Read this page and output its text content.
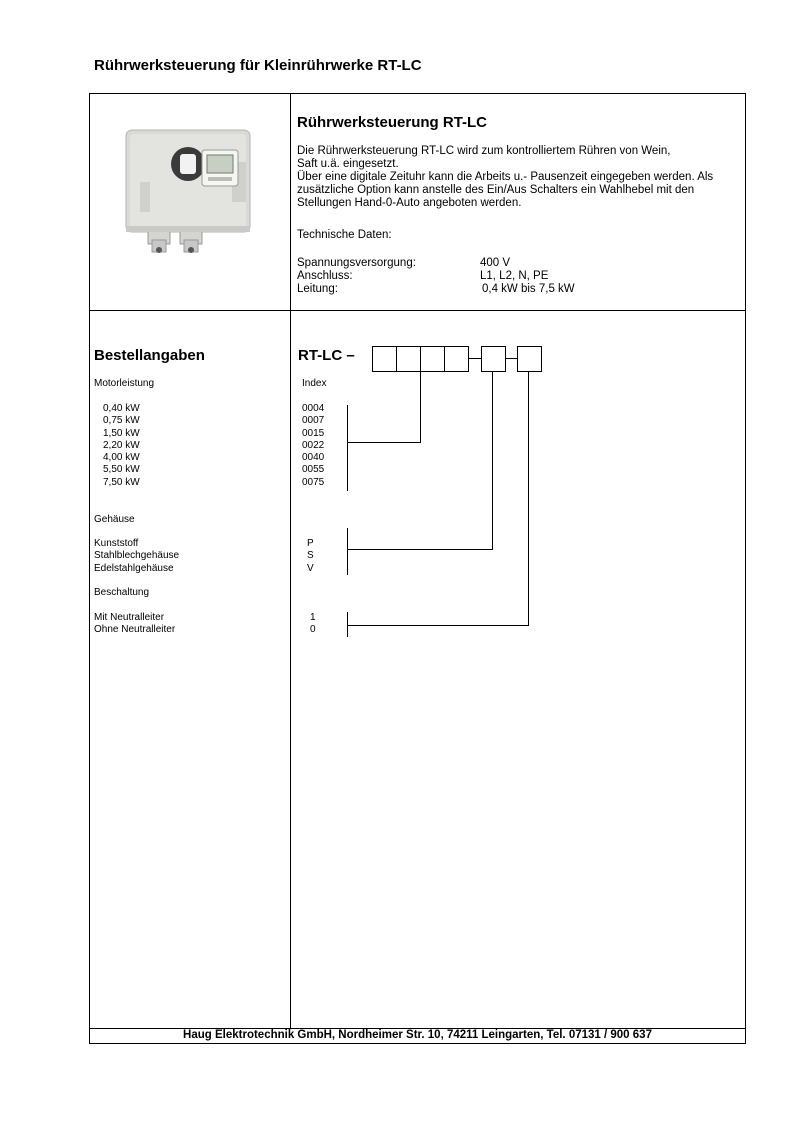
Rührwerksteuerung für Kleinrührwerke RT-LC
Rührwerksteuerung RT-LC

Die Rührwerksteuerung RT-LC wird zum kontrolliertem Rühren von Wein,

Saft u.ä. eingesetzt.

Über eine digitale Zeituhr kann die Arbeits u.- Pausenzeit eingegeben werden. Als

zusätzliche Option kann anstelle des Ein/Aus Schalters ein Wahlhebel mit den

Stellungen Hand-0-Auto angeboten werden.

Technische Daten:
Spannungsversorgung:	400 V
Anschluss:	L1, L2, N, PE
Leitung:	0,4 kW bis 7,5 kW
Bestellangaben	RT-LC –
Motorleistung	Index
0,40 kW	0004
0,75 kW	0007
1,50 kW	0015
2,20 kW	0022
4,00 kW	0040
5,50 kW	0055
7,50 kW	0075
Gehäuse
Kunststoff	P
Stahlblechgehäuse	S
Edelstahlgehäuse	V
Beschaltung
Mit Neutralleiter	1
Ohne Neutralleiter	0
Haug Elektrotechnik GmbH, Nordheimer Str. 10, 74211 Leingarten, Tel. 07131 / 900 637
